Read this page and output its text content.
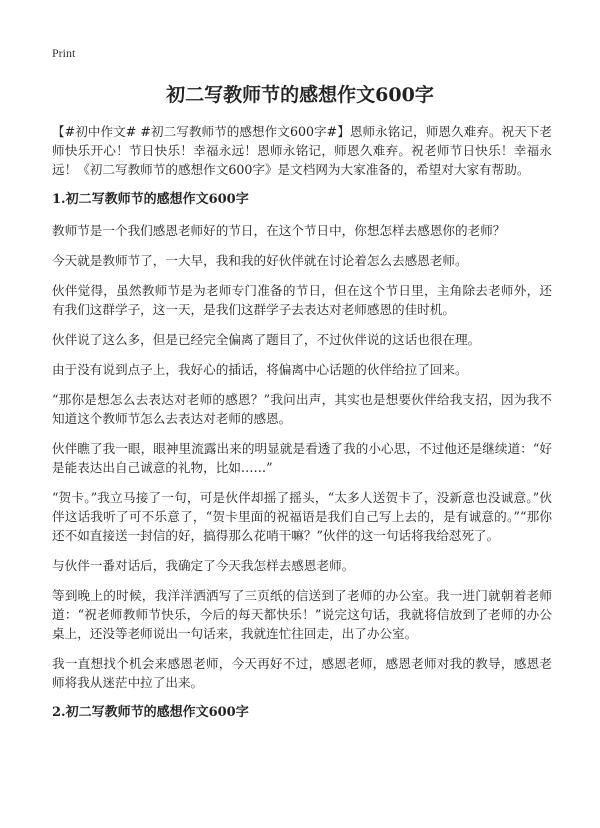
Print
初二写教师节的感想作文600字

【#初中作文# #初二写教师节的感想作文600字#】恩师永铭记，师恩久难弃。祝天下老师快乐开心！节日快乐！幸福永远！恩师永铭记，师恩久难弃。祝老师节日快乐！幸福永远！《初二写教师节的感想作文600字》是文档网为大家准备的，希望对大家有帮助。

1.初二写教师节的感想作文600字

教师节是一个我们感恩老师好的节日，在这个节日中，你想怎样去感恩你的老师？

今天就是教师节了，一大早，我和我的好伙伴就在讨论着怎么去感恩老师。

伙伴觉得，虽然教师节是为老师专门准备的节日，但在这个节日里，主角除去老师外，还有我们这群学子，这一天，是我们这群学子去表达对老师感恩的佳时机。

伙伴说了这么多，但是已经完全偏离了题目了，不过伙伴说的这话也很在理。

由于没有说到点子上，我好心的插话，将偏离中心话题的伙伴给拉了回来。

“那你是想怎么去表达对老师的感恩？”我问出声，其实也是想要伙伴给我支招，因为我不知道这个教师节怎么去表达对老师的感恩。

伙伴瞧了我一眼，眼神里流露出来的明显就是看透了我的小心思，不过他还是继续道：“好是能表达出自己诚意的礼物，比如……”

“贺卡。”我立马接了一句，可是伙伴却摇了摇头，“太多人送贺卡了，没新意也没诚意。”伙伴这话我听了可不乐意了，“贺卡里面的祝福语是我们自己写上去的，是有诚意的。”“那你还不如直接送一封信的好，搞得那么花哨干嘛？”伙伴的这一句话将我给怼死了。

与伙伴一番对话后，我确定了今天我怎样去感恩老师。

等到晚上的时候，我洋洋洒洒写了三页纸的信送到了老师的办公室。我一进门就朝着老师道：“祝老师教师节快乐，今后的每天都快乐！”说完这句话，我就将信放到了老师的办公桌上，还没等老师说出一句话来，我就连忙往回走，出了办公室。

我一直想找个机会来感恩老师，今天再好不过，感恩老师，感恩老师对我的教导，感恩老师将我从迷茫中拉了出来。

2.初二写教师节的感想作文600字
